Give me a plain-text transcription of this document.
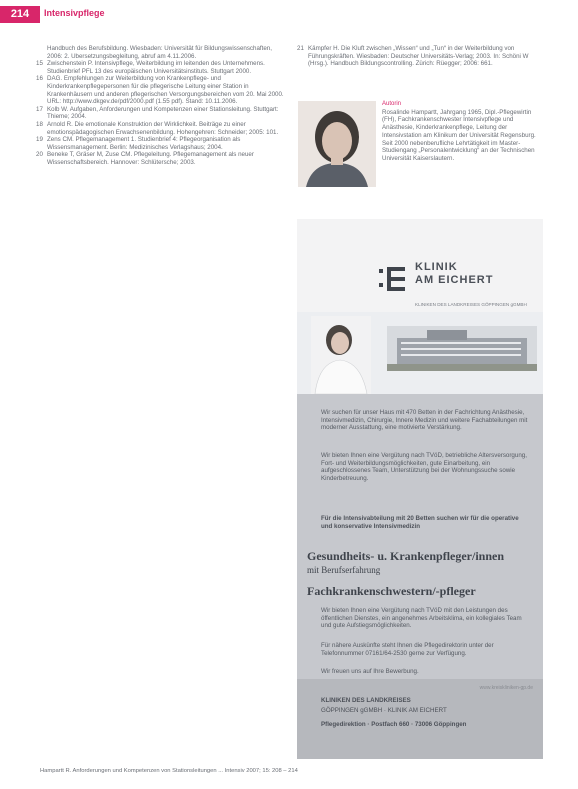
214	Intensivpflege

Handbuch des Berufsbildung. Wiesbaden: Universität für Bildungswissenschaften, 2006: 2. Ubersetzungsbegleitung, abruf am 4.11.2006.

15 Zwischenstein P. Intensivpflege, Weiterbildung im leitenden des Unternehmens. Studienbrief PFL 13 des europäischen Universitätsinstituts. Stuttgart 2000.

16 DAG. Empfehlungen zur Weiterbildung von Krankenpflege- und Kinderkrankenpflegepersonen für die pflegerische Leitung einer Station in Krankenhäusern und anderen pflegerischen Versorgungsbereichen vom 20. Mai 2000. URL: http://www.dkgev.de/pdf/2000.pdf (1.55 pdf). Stand: 10.11.2006.

17 Kolb W. Aufgaben, Anforderungen und Kompetenzen einer Stationsleitung. Stuttgart: Thieme; 2004.

18 Arnold R. Die emotionale Konstruktion der Wirklichkeit. Beiträge zu einer emotionspädagogischen Erwachsenenbildung. Hohengehren: Schneider; 2005: 101.

19 Zens CM. Pflegemanagement 1. Studienbrief 4: Pflegeorganisation als Wissensmanagement. Berlin: Medizinisches Verlagshaus; 2004.

20 Beneke T, Gräser M, Zuse CM. Pflegeleitung. Pflegemanagement als neuer Wissenschaftsbereich. Hannover: Schlütersche; 2003.

21 Kämpfer H. Die Kluft zwischen „Wissen“ und „Tun“ in der Weiterbildung von Führungskräften. Wiesbaden: Deutscher Universitäts-Verlag; 2003. In: Schöni W (Hrsg.). Handbuch Bildungscontrolling. Zürich: Rüegger; 2006: 661.

Autorin
Rosalinde Hampartt, Jahrgang 1965, Dipl.-Pflegewirtin (FH), Fachkrankenschwester Intensivpflege und Anästhesie, Kinderkrankenpflege, Leitung der Intensivstation am Klinikum der Universität Regensburg. Seit 2000 nebenberufliche Lehrtätigkeit im Master-Studiengang „Personalentwicklung“ an der Technischen Universität Kaiserslautern.
KLINIK
AM EICHERT
KLINIKEN DES LANDKREISES GÖPPINGEN gGMBH
Wir suchen für unser Haus mit 470 Betten in der Fachrichtung Anästhesie, Intensivmedizin, Chirurgie, Innere Medizin und weitere Fachabteilungen mit moderner Ausstattung, eine motivierte Verstärkung.
Wir bieten Ihnen eine Vergütung nach TVöD, betriebliche Altersversorgung, Fort- und Weiterbildungsmöglichkeiten, gute Einarbeitung, ein aufgeschlossenes Team, Unterstützung bei der Wohnungssuche sowie Kinderbetreuung.
Für die Intensivabteilung mit 20 Betten suchen wir für die operative und konservative Intensivmedizin
Gesundheits- u. Krankenpfleger/innen
mit Berufserfahrung
Fachkrankenschwestern/-pfleger
Wir bieten Ihnen eine Vergütung nach TVöD mit den Leistungen des öffentlichen Dienstes, ein angenehmes Arbeitsklima, ein kollegiales Team und gute Aufstiegsmöglichkeiten.
Für nähere Auskünfte steht Ihnen die Pflegedirektorin unter der Telefonnummer 07161/64-2530 gerne zur Verfügung.
Wir freuen uns auf Ihre Bewerbung.
www.kreiskliniken-gp.de
KLINIKEN DES LANDKREISES
GÖPPINGEN gGMBH · KLINIK AM EICHERT
Pflegedirektion · Postfach 660 · 73006 Göppingen
Hampartt R. Anforderungen und Kompetenzen von Stationsleitungen ... Intensiv 2007; 15: 208 – 214
